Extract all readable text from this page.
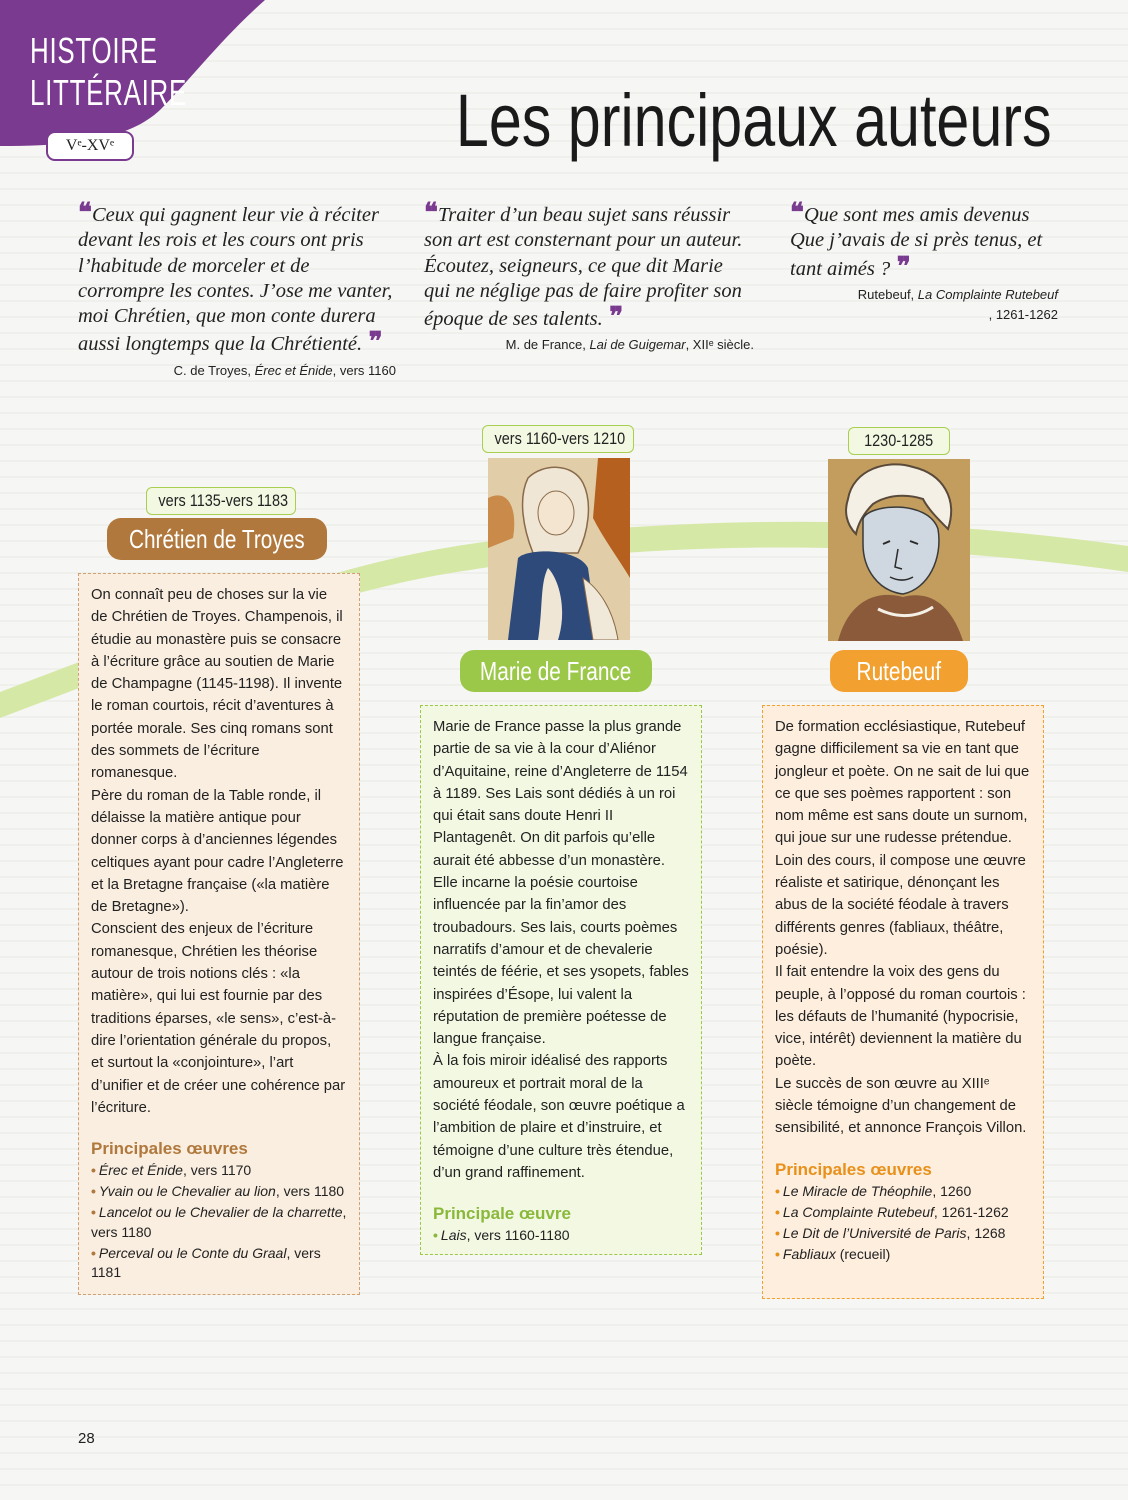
HISTOIRE
LITTÉRAIRE
Vᵉ-XVᵉ	Les principaux auteurs
❝Ceux qui gagnent leur vie à réciter devant les rois et les cours ont pris l’habitude de morceler et de corrompre les contes. J’ose me vanter, moi Chrétien, que mon conte durera aussi longtemps que la Chrétienté. ❞
C. de Troyes, Érec et Énide, vers 1160
❝Traiter d’un beau sujet sans réussir son art est consternant pour un auteur. Écoutez, seigneurs, ce que dit Marie qui ne néglige pas de faire profiter son époque de ses talents. ❞
M. de France, Lai de Guigemar, XIIᵉ siècle.
❝Que sont mes amis devenus Que j’avais de si près tenus, et tant aimés ? ❞
Rutebeuf, La Complainte Rutebeuf
, 1261-1262
vers 1135-vers 1183
Chrétien de Troyes

On connaît peu de choses sur la vie de Chrétien de Troyes. Champenois, il étudie au monastère puis se consacre à l’écriture grâce au soutien de Marie de Champagne (1145-1198). Il invente le roman courtois, récit d’aventures à portée morale. Ses cinq romans sont des sommets de l’écriture romanesque.

Père du roman de la Table ronde, il délaisse la matière antique pour donner corps à d’anciennes légendes celtiques ayant pour cadre l’Angleterre et la Bretagne française («la matière de Bretagne»).

Conscient des enjeux de l’écriture romanesque, Chrétien les théorise autour de trois notions clés : «la matière», qui lui est fournie par des traditions éparses, «le sens», c’est-à-dire l’orientation générale du propos, et surtout la «conjointure», l’art d’unifier et de créer une cohérence par l’écriture.

Principales œuvres
• Érec et Énide, vers 1170
• Yvain ou le Chevalier au lion, vers 1180
• Lancelot ou le Chevalier de la charrette, vers 1180
• Perceval ou le Conte du Graal, vers 1181
vers 1160-vers 1210
Marie de France

Marie de France passe la plus grande partie de sa vie à la cour d’Aliénor d’Aquitaine, reine d’Angleterre de 1154 à 1189. Ses Lais sont dédiés à un roi qui était sans doute Henri II Plantagenêt. On dit parfois qu’elle aurait été abbesse d’un monastère.

Elle incarne la poésie courtoise influencée par la fin’amor des troubadours. Ses lais, courts poèmes narratifs d’amour et de chevalerie teintés de féérie, et ses ysopets, fables inspirées d’Ésope, lui valent la réputation de première poétesse de langue française.

À la fois miroir idéalisé des rapports amoureux et portrait moral de la société féodale, son œuvre poétique a l’ambition de plaire et d’instruire, et témoigne d’une culture très étendue, d’un grand raffinement.

Principale œuvre
• Lais, vers 1160-1180
1230-1285
Rutebeuf

De formation ecclésiastique, Rutebeuf gagne difficilement sa vie en tant que jongleur et poète. On ne sait de lui que ce que ses poèmes rapportent : son nom même est sans doute un surnom, qui joue sur une rudesse prétendue. Loin des cours, il compose une œuvre réaliste et satirique, dénonçant les abus de la société féodale à travers différents genres (fabliaux, théâtre, poésie).

Il fait entendre la voix des gens du peuple, à l’opposé du roman courtois : les défauts de l’humanité (hypocrisie, vice, intérêt) deviennent la matière du poète.

Le succès de son œuvre au XIIIᵉ siècle témoigne d’un changement de sensibilité, et annonce François Villon.

Principales œuvres
• Le Miracle de Théophile, 1260
• La Complainte Rutebeuf, 1261-1262
• Le Dit de l’Université de Paris, 1268
• Fabliaux (recueil)
28
